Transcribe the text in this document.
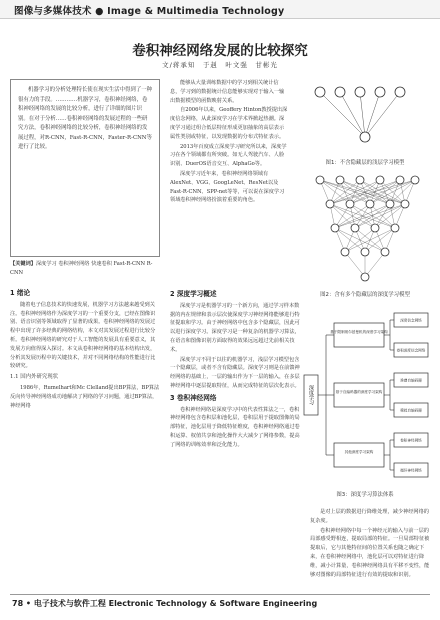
图像与多媒体技术 ● Image & Multimedia Technology
卷积神经网络发展的比较探究
文/蒋承知　于赳　叶文强　甘彬光
机器学习的分析处理特长使在现实生活中得到了一种很有力的手段。…………机器学习，卷积神经网络，卷积神经网络的发展的比较分析，进行了详细的图片识别。在对于分析……卷积神经网络的发展过程的一些研究方法，卷积神经网络的比较分析，卷积神经网络的发展过程，对R-CNN，Fast-R-CNN，Faster-R-CNN等进行了比较。
【关键词】深度学习 卷积神经网络 快速卷积 Fast-R-CNN R-CNN
1 绪论

随着电子信息技术的快速发展，机器学习方法越来越受到关注。卷积神经网络作为深度学习的一个重要分支，已经在图像识别、语音识别等领域取得了显著的成果。卷积神经网络的发展过程中出现了许多经典的网络结构，本文对其发展过程进行比较分析。卷积神经网络的研究对于人工智能的发展具有重要意义，其发展方向值得深入探讨。本文从卷积神经网络的基本结构出发，分析其发展历程中的关键技术，并对不同网络结构的性能进行比较研究。

1.1 国内外研究现状

1986年，Rumelhart和Mc Clelland提出BP算法，BP算法反向传导神经网络成功地解决了网络的学习问题，通过BP算法，神经网络

能够从大量训练数据中的学习到相关统计信息，学习到的数据统计信息能够实现对于输入一输出数据模型的函数映射关系。

自2006年以来，Geoffery Hinton教授提出深度信念网络，从此深度学习在学术界掀起热潮。深度学习通过组合低层特征形成更加抽象的高层表示属性类别或特征，以发现数据的分布式特征表示。

2013年百度成立深度学习研究所以来，深度学习在各个领域都有所突破。如无人驾驶汽车、人脸识别、DuerOS语音交互、AlphaGo等。

深度学习近年来，卷积神经网络领域有AlexNet、VGG、GoogLeNet、ResNet以及Fast-R-CNN、SPP-net等等，可以说在深度学习领域卷积神经网络扮演着重要的角色。

2 深度学习概述

深度学习是机器学习的一个新方向，通过学习样本数据的内在规律和表示层次使深度学习神经网络能够进行特征提取和学习。由于神经网络中包含多个隐藏层，因此可以进行深度学习。深度学习是一种复杂的机器学习算法，在语音和图像识别方面取得的效果远远超过先前相关技术。

深度学习不同于以往的机器学习，浅层学习模型包含一个隐藏层，或者不含有隐藏层。深度学习则是在前馈神经网络的基础上，一层的输出作为下一层的输入，在多层神经网络中逐层提取特征，从而完成特征的层次化表示。

3 卷积神经网络

卷积神经网络是深度学习中的代表性算法之一，卷积神经网络包含卷积层和池化层，卷积层用于提取图像的局部特征，池化层用于降低特征维度，卷积神经网络通过卷积运算、权值共享和池化操作大大减少了网络参数，提高了网络的训练效率和泛化能力。

是对上层的数据进行降维处理，减少神经网络的复杂度。

卷积神经网络中每一个神经元的输入与前一层的局部感受野相连，提取局部的特征。一旦局部特征被提取后，它与其他特征间的位置关系也随之确定下来，在卷积神经网络中，池化层可以对特征进行降维，减小计算量，卷积神经网络具有平移不变性，能够对图像的局部特征进行有效的提取和识别。

图1：不含隐藏层的浅层学习模型
图2：含有多个隐藏层的深度学习模型
深度学习
基于限制玻尔兹曼机的深度学习架构
基于自编码器的深度学习架构
其他深度学习架构
深度信念网络
卷积深度信念网络
堆叠自编码器
稀疏自编码器
卷积神经网络
循环神经网络
图3：深度学习算法体系
78 • 电子技术与软件工程 Electronic Technology & Software Engineering
